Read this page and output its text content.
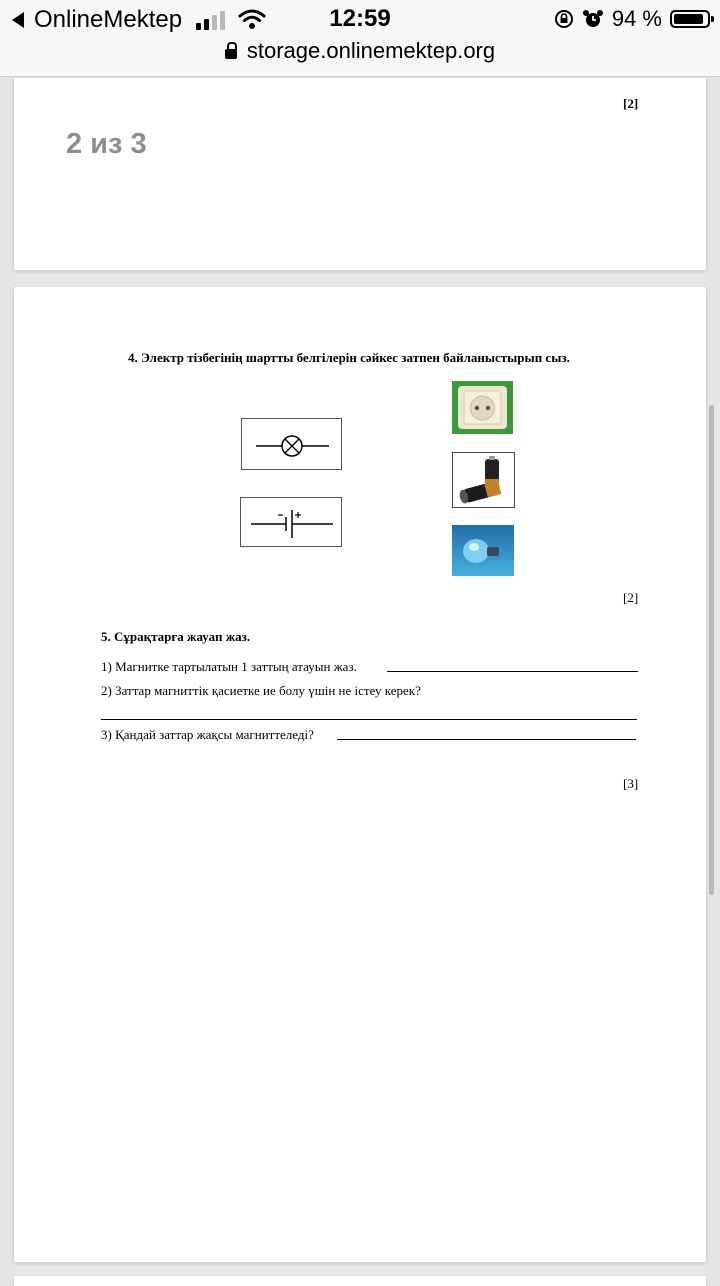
OnlineMektep	12:59	94 %
storage.onlinemektep.org
2 из 3
[2]
4. Электр тізбегінің шартты белгілерін сәйкес затпен байланыстырып сыз.
[2]
5. Сұрақтарға жауап жаз.
1) Магнитке тартылатын 1 заттың атауын жаз.
2) Заттар магниттік қасиетке ие болу үшін не істеу керек?
3) Қандай заттар жақсы магниттеледі?
[3]
